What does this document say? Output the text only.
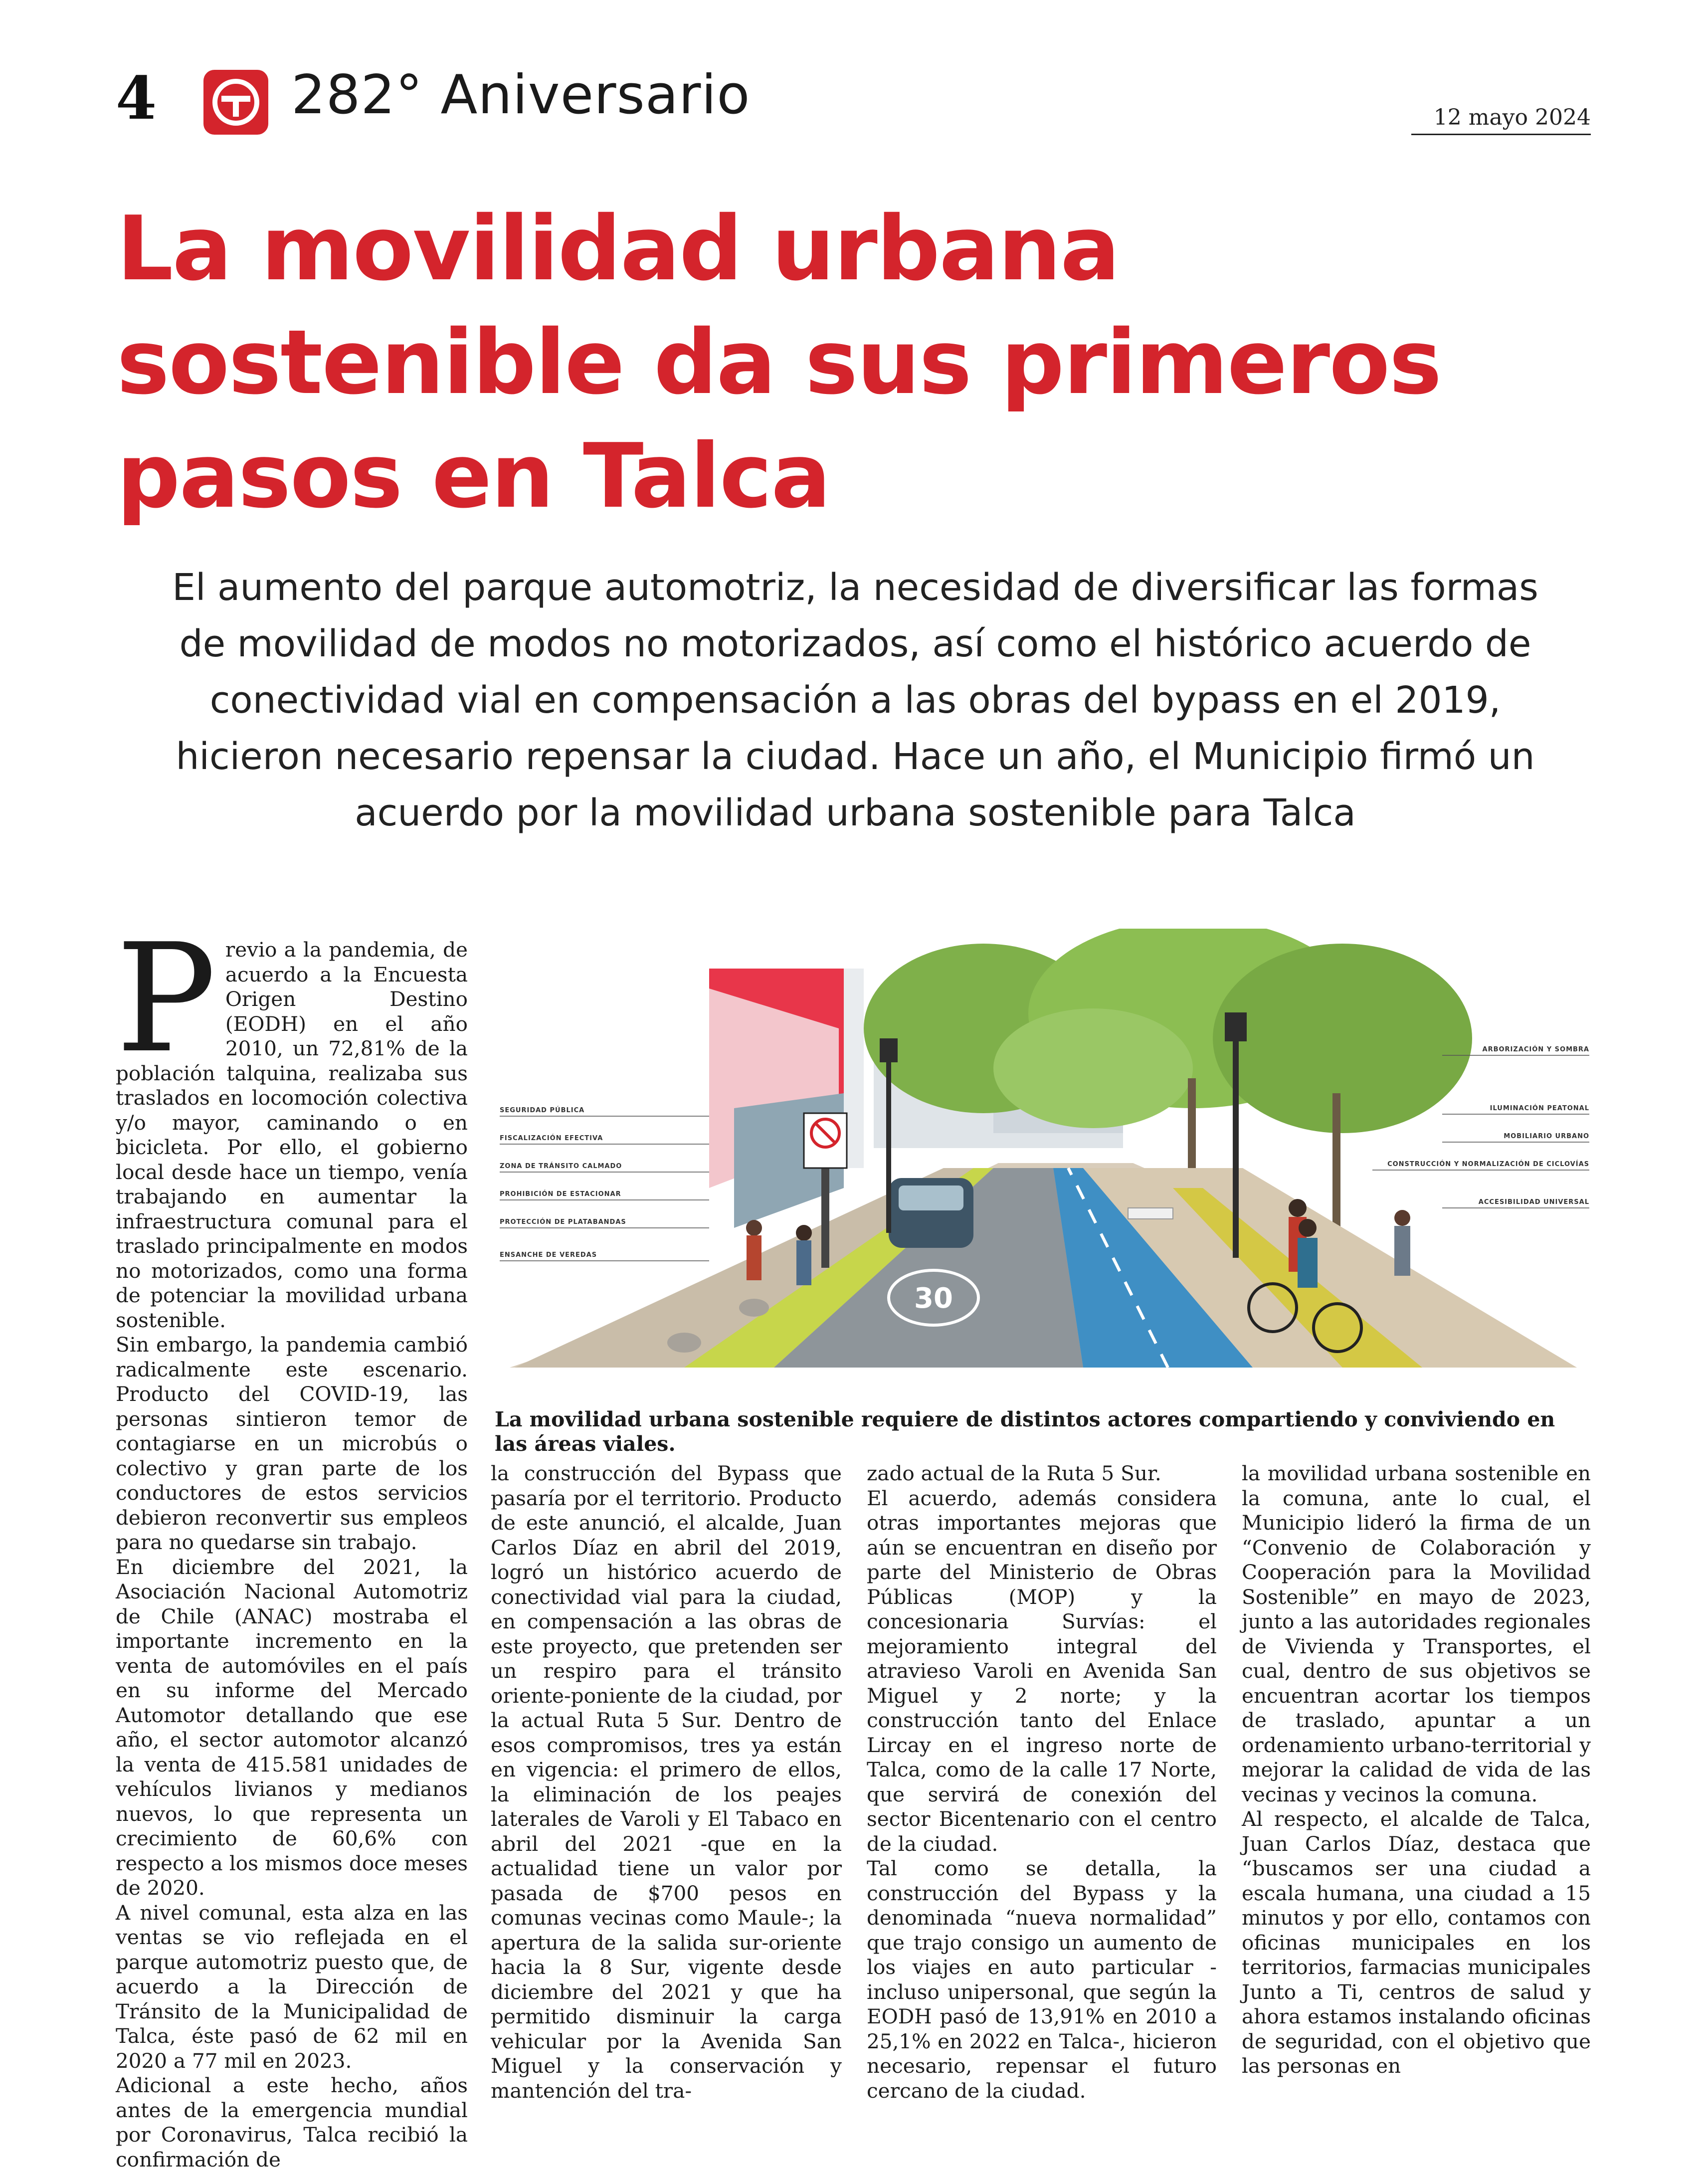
4 282° Aniversario	12 mayo 2024
La movilidad urbana sostenible da sus primeros pasos en Talca
El aumento del parque automotriz, la necesidad de diversificar las formas de movilidad de modos no motorizados, así como el histórico acuerdo de conectividad vial en compensación a las obras del bypass en el 2019, hicieron necesario repensar la ciudad. Hace un año, el Municipio firmó un acuerdo por la movilidad urbana sostenible para Talca
P revio a la pandemia, de acuerdo a la Encuesta Origen Destino (EODH) en el año 2010, un 72,81% de la población talquina, realizaba sus traslados en locomoción colectiva y/o mayor, caminando o en bicicleta. Por ello, el gobierno local desde hace un tiempo, venía trabajando en aumentar la infraestructura comunal para el traslado principalmente en modos no motorizados, como una forma de potenciar la movilidad urbana sostenible.

Sin embargo, la pandemia cambió radicalmente este escenario. Producto del COVID-19, las personas sintieron temor de contagiarse en un microbús o colectivo y gran parte de los conductores de estos servicios debieron reconvertir sus empleos para no quedarse sin trabajo.

En diciembre del 2021, la Asociación Nacional Automotriz de Chile (ANAC) mostraba el importante incremento en la venta de automóviles en el país en su informe del Mercado Automotor detallando que ese año, el sector automotor alcanzó la venta de 415.581 unidades de vehículos livianos y medianos nuevos, lo que representa un crecimiento de 60,6% con respecto a los mismos doce meses de 2020.

A nivel comunal, esta alza en las ventas se vio reflejada en el parque automotriz puesto que, de acuerdo a la Dirección de Tránsito de la Municipalidad de Talca, éste pasó de 62 mil en 2020 a 77 mil en 2023.

Adicional a este hecho, años antes de la emergencia mundial por Coronavirus, Talca recibió la confirmación de

30
SEGURIDAD PÚBLICA
FISCALIZACIÓN EFECTIVA
ZONA DE TRÁNSITO CALMADO
PROHIBICIÓN DE ESTACIONAR
PROTECCIÓN DE PLATABANDAS
ENSANCHE DE VEREDAS
ARBORIZACIÓN Y SOMBRA
ILUMINACIÓN PEATONAL
MOBILIARIO URBANO
CONSTRUCCIÓN Y NORMALIZACIÓN DE CICLOVÍAS
ACCESIBILIDAD UNIVERSAL
La movilidad urbana sostenible requiere de distintos actores compartiendo y conviviendo en las áreas viales.

la construcción del Bypass que pasaría por el territorio. Producto de este anunció, el alcalde, Juan Carlos Díaz en abril del 2019, logró un histórico acuerdo de conectividad vial para la ciudad, en compensación a las obras de este proyecto, que pretenden ser un respiro para el tránsito oriente-poniente de la ciudad, por la actual Ruta 5 Sur. Dentro de esos compromisos, tres ya están en vigencia: el primero de ellos, la eliminación de los peajes laterales de Varoli y El Tabaco en abril del 2021 -que en la actualidad tiene un valor por pasada de $700 pesos en comunas vecinas como Maule-; la apertura de la salida sur-oriente hacia la 8 Sur, vigente desde diciembre del 2021 y que ha permitido disminuir la carga vehicular por la Avenida San Miguel y la conservación y mantención del tra-

zado actual de la Ruta 5 Sur.

El acuerdo, además considera otras importantes mejoras que aún se encuentran en diseño por parte del Ministerio de Obras Públicas (MOP) y la concesionaria Survías: el mejoramiento integral del atravieso Varoli en Avenida San Miguel y 2 norte; y la construcción tanto del Enlace Lircay en el ingreso norte de Talca, como de la calle 17 Norte, que servirá de conexión del sector Bicentenario con el centro de la ciudad.

Tal como se detalla, la construcción del Bypass y la denominada “nueva normalidad” que trajo consigo un aumento de los viajes en auto particular -incluso unipersonal, que según la EODH pasó de 13,91% en 2010 a 25,1% en 2022 en Talca-, hicieron necesario, repensar el futuro cercano de la ciudad.

la movilidad urbana sostenible en la comuna, ante lo cual, el Municipio lideró la firma de un “Convenio de Colaboración y Cooperación para la Movilidad Sostenible” en mayo de 2023, junto a las autoridades regionales de Vivienda y Transportes, el cual, dentro de sus objetivos se encuentran acortar los tiempos de traslado, apuntar a un ordenamiento urbano-territorial y mejorar la calidad de vida de las vecinas y vecinos la comuna.

Al respecto, el alcalde de Talca, Juan Carlos Díaz, destaca que “buscamos ser una ciudad a escala humana, una ciudad a 15 minutos y por ello, contamos con oficinas municipales en los territorios, farmacias municipales Junto a Ti, centros de salud y ahora estamos instalando oficinas de seguridad, con el objetivo que las personas en
